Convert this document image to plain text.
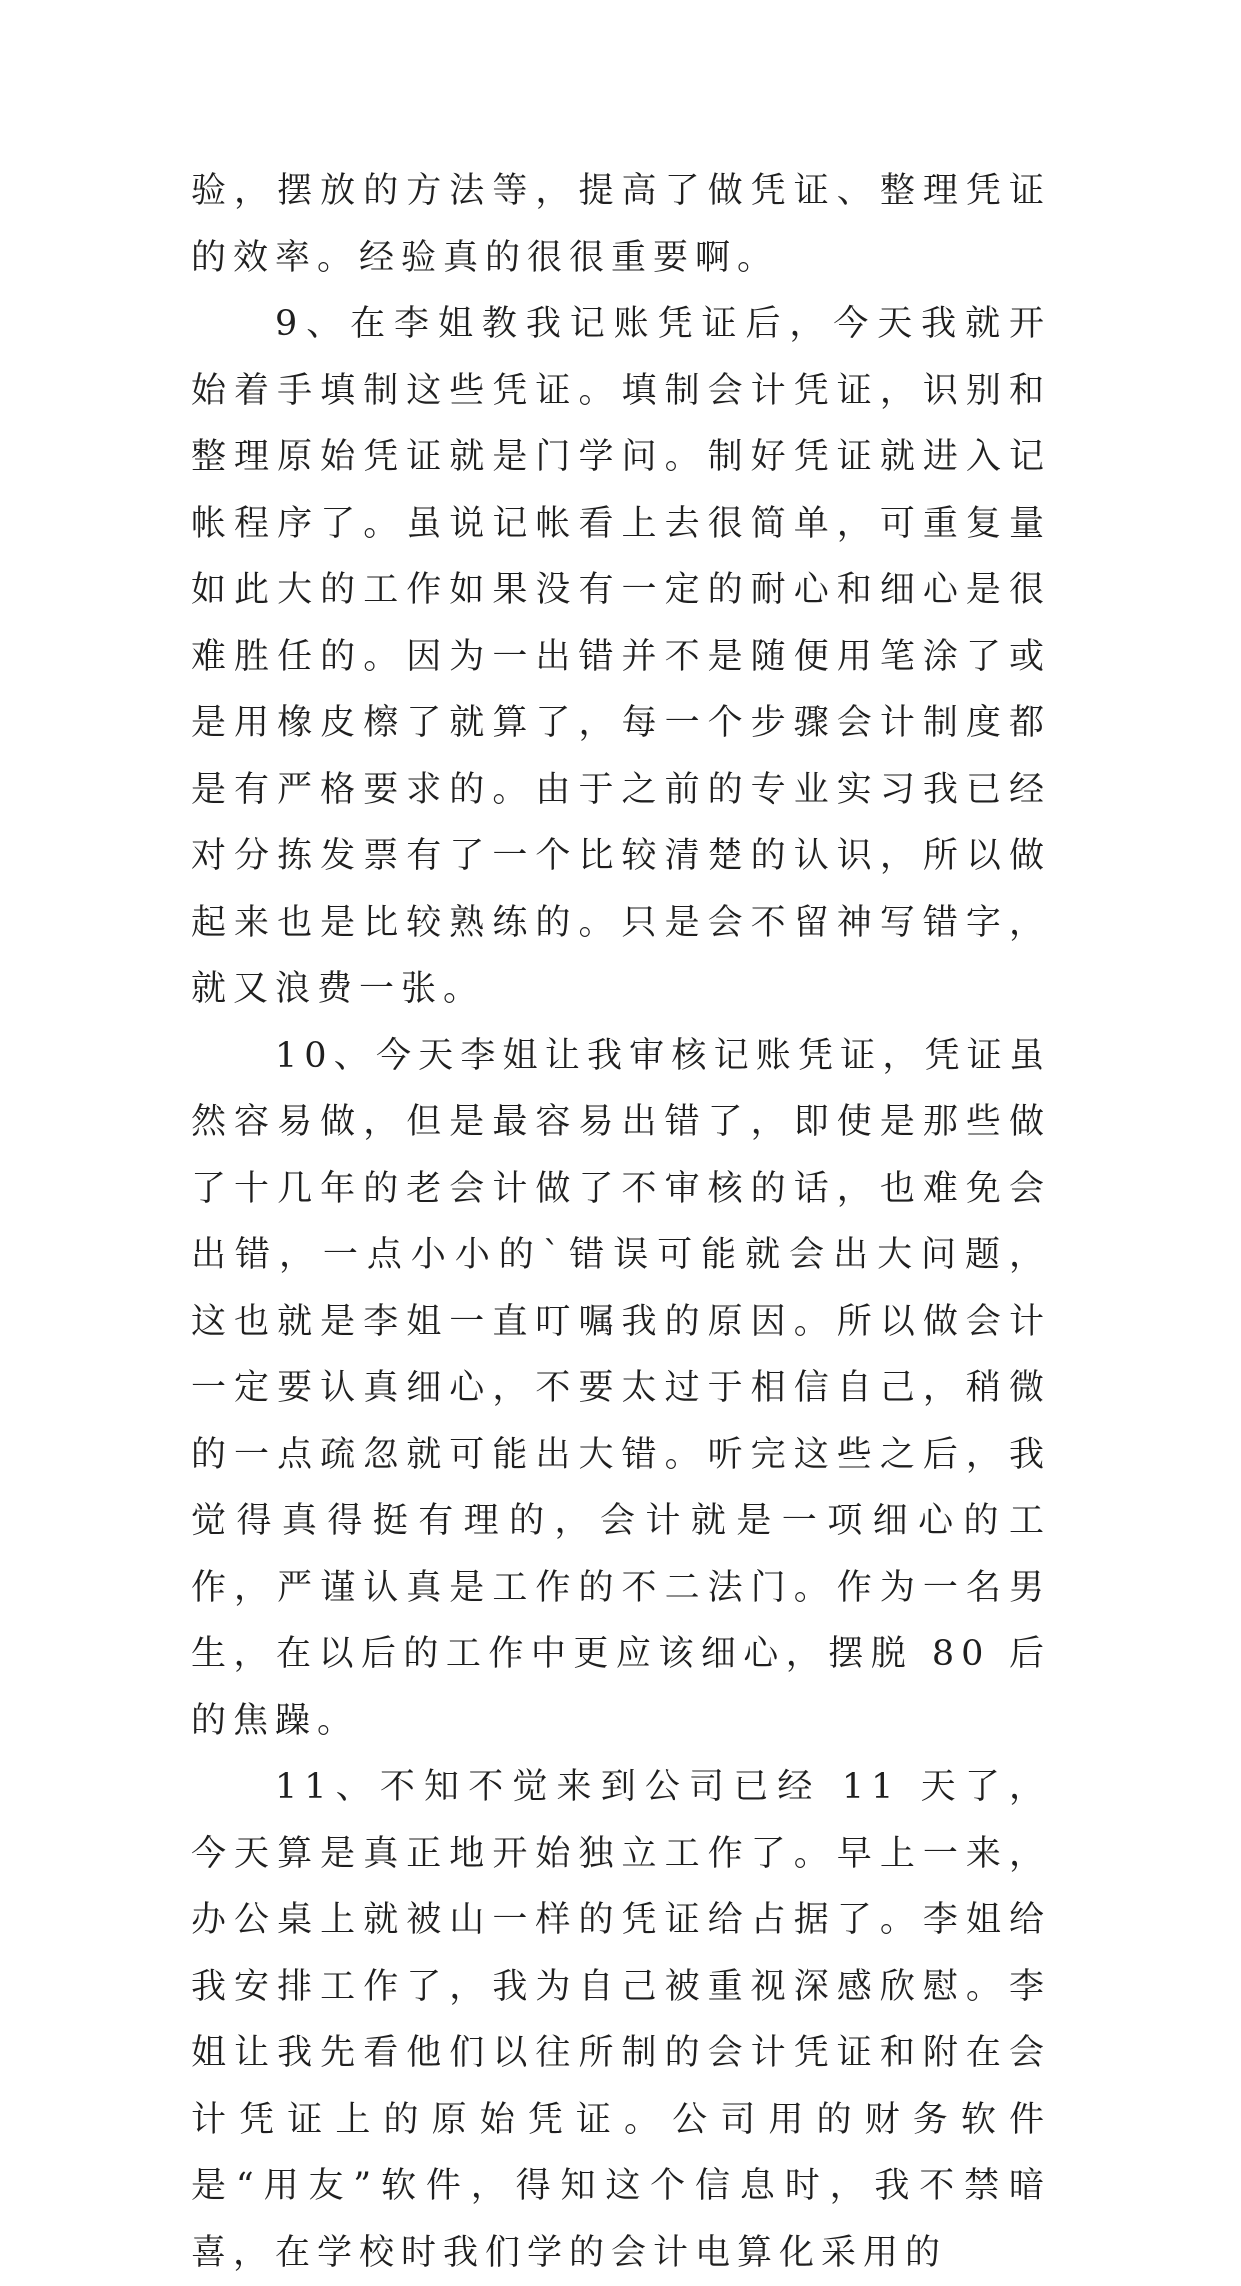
验，摆放的方法等，提高了做凭证、整理凭证的效率。经验真的很很重要啊。

9、在李姐教我记账凭证后，今天我就开始着手填制这些凭证。填制会计凭证，识别和整理原始凭证就是门学问。制好凭证就进入记帐程序了。虽说记帐看上去很简单，可重复量如此大的工作如果没有一定的耐心和细心是很难胜任的。因为一出错并不是随便用笔涂了或是用橡皮檫了就算了，每一个步骤会计制度都是有严格要求的。由于之前的专业实习我已经对分拣发票有了一个比较清楚的认识，所以做起来也是比较熟练的。只是会不留神写错字，就又浪费一张。

10、今天李姐让我审核记账凭证，凭证虽然容易做，但是最容易出错了，即使是那些做了十几年的老会计做了不审核的话，也难免会出错，一点小小的`错误可能就会出大问题，这也就是李姐一直叮嘱我的原因。所以做会计一定要认真细心，不要太过于相信自己，稍微的一点疏忽就可能出大错。听完这些之后，我觉得真得挺有理的，会计就是一项细心的工作，严谨认真是工作的不二法门。作为一名男生，在以后的工作中更应该细心，摆脱 80 后的焦躁。

11、不知不觉来到公司已经 11 天了，今天算是真正地开始独立工作了。早上一来，办公桌上就被山一样的凭证给占据了。李姐给我安排工作了，我为自己被重视深感欣慰。李姐让我先看他们以往所制的会计凭证和附在会计凭证上的原始凭证。公司用的财务软件是“用友”软件，得知这个信息时，我不禁暗喜，在学校时我们学的会计电算化采用的
